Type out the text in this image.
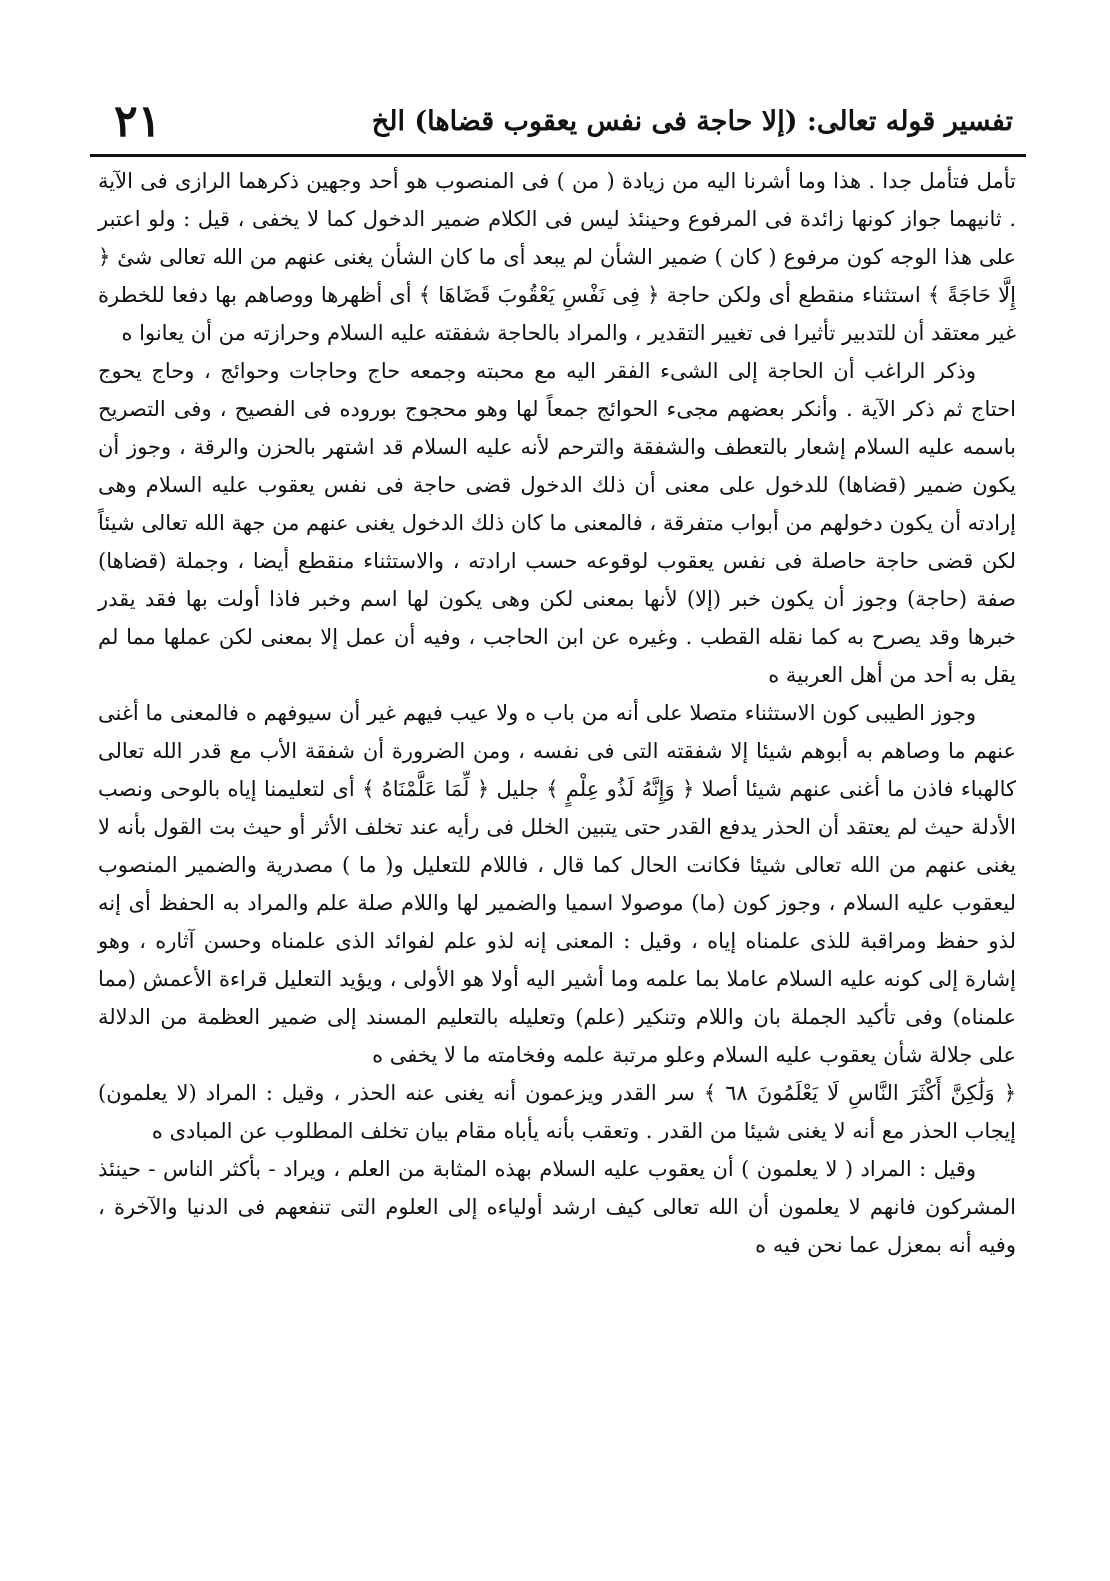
تفسير قوله تعالى: (إلا حاجة فى نفس يعقوب قضاها) الخ
٢١

تأمل فتأمل جدا . هذا وما أشرنا اليه من زيادة ( من ) فى المنصوب هو أحد وجهين ذكرهما الرازى فى الآية . ثانيهما جواز كونها زائدة فى المرفوع وحينئذ ليس فى الكلام ضمير الدخول كما لا يخفى ، قيل : ولو اعتبر على هذا الوجه كون مرفوع ( كان ) ضمير الشأن لم يبعد أى ما كان الشأن يغنى عنهم من الله تعالى شئ ﴿ إِلَّا حَاجَةً ﴾ استثناء منقطع أى ولكن حاجة ﴿ فِى نَفْسِ يَعْقُوبَ قَضَاهَا ﴾ أى أظهرها ووصاهم بها دفعا للخطرة غير معتقد أن للتدبير تأثيرا فى تغيير التقدير ، والمراد بالحاجة شفقته عليه السلام وحرازته من أن يعانوا ه

وذكر الراغب أن الحاجة إلى الشىء الفقر اليه مع محبته وجمعه حاج وحاجات وحوائج ، وحاج يحوج احتاج ثم ذكر الآية . وأنكر بعضهم مجىء الحوائج جمعاً لها وهو محجوج بوروده فى الفصيح ، وفى التصريح باسمه عليه السلام إشعار بالتعطف والشفقة والترحم لأنه عليه السلام قد اشتهر بالحزن والرقة ، وجوز أن يكون ضمير (قضاها) للدخول على معنى أن ذلك الدخول قضى حاجة فى نفس يعقوب عليه السلام وهى إرادته أن يكون دخولهم من أبواب متفرقة ، فالمعنى ما كان ذلك الدخول يغنى عنهم من جهة الله تعالى شيئاً لكن قضى حاجة حاصلة فى نفس يعقوب لوقوعه حسب ارادته ، والاستثناء منقطع أيضا ، وجملة (قضاها) صفة (حاجة) وجوز أن يكون خبر (إلا) لأنها بمعنى لكن وهى يكون لها اسم وخبر فاذا أولت بها فقد يقدر خبرها وقد يصرح به كما نقله القطب . وغيره عن ابن الحاجب ، وفيه أن عمل إلا بمعنى لكن عملها مما لم يقل به أحد من أهل العربية ه

وجوز الطيبى كون الاستثناء متصلا على أنه من باب ه ولا عيب فيهم غير أن سيوفهم ه فالمعنى ما أغنى عنهم ما وصاهم به أبوهم شيئا إلا شفقته التى فى نفسه ، ومن الضرورة أن شفقة الأب مع قدر الله تعالى كالهباء فاذن ما أغنى عنهم شيئا أصلا ﴿ وَإِنَّهُ لَذُو عِلْمٍ ﴾ جليل ﴿ لِّمَا عَلَّمْنَاهُ ﴾ أى لتعليمنا إياه بالوحى ونصب الأدلة حيث لم يعتقد أن الحذر يدفع القدر حتى يتبين الخلل فى رأيه عند تخلف الأثر أو حيث بت القول بأنه لا يغنى عنهم من الله تعالى شيئا فكانت الحال كما قال ، فاللام للتعليل و( ما ) مصدرية والضمير المنصوب ليعقوب عليه السلام ، وجوز كون (ما) موصولا اسميا والضمير لها واللام صلة علم والمراد به الحفظ أى إنه لذو حفظ ومراقبة للذى علمناه إياه ، وقيل : المعنى إنه لذو علم لفوائد الذى علمناه وحسن آثاره ، وهو إشارة إلى كونه عليه السلام عاملا بما علمه وما أشير اليه أولا هو الأولى ، ويؤيد التعليل قراءة الأعمش (مما علمناه) وفى تأكيد الجملة بان واللام وتنكير (علم) وتعليله بالتعليم المسند إلى ضمير العظمة من الدلالة على جلالة شأن يعقوب عليه السلام وعلو مرتبة علمه وفخامته ما لا يخفى ه

﴿ وَلَٰكِنَّ أَكْثَرَ النَّاسِ لَا يَعْلَمُونَ ٦٨ ﴾ سر القدر ويزعمون أنه يغنى عنه الحذر ، وقيل : المراد (لا يعلمون) إيجاب الحذر مع أنه لا يغنى شيئا من القدر . وتعقب بأنه يأباه مقام بيان تخلف المطلوب عن المبادى ه

وقيل : المراد ( لا يعلمون ) أن يعقوب عليه السلام بهذه المثابة من العلم ، ويراد - بأكثر الناس - حينئذ المشركون فانهم لا يعلمون أن الله تعالى كيف ارشد أولياءه إلى العلوم التى تنفعهم فى الدنيا والآخرة ، وفيه أنه بمعزل عما نحن فيه ه
